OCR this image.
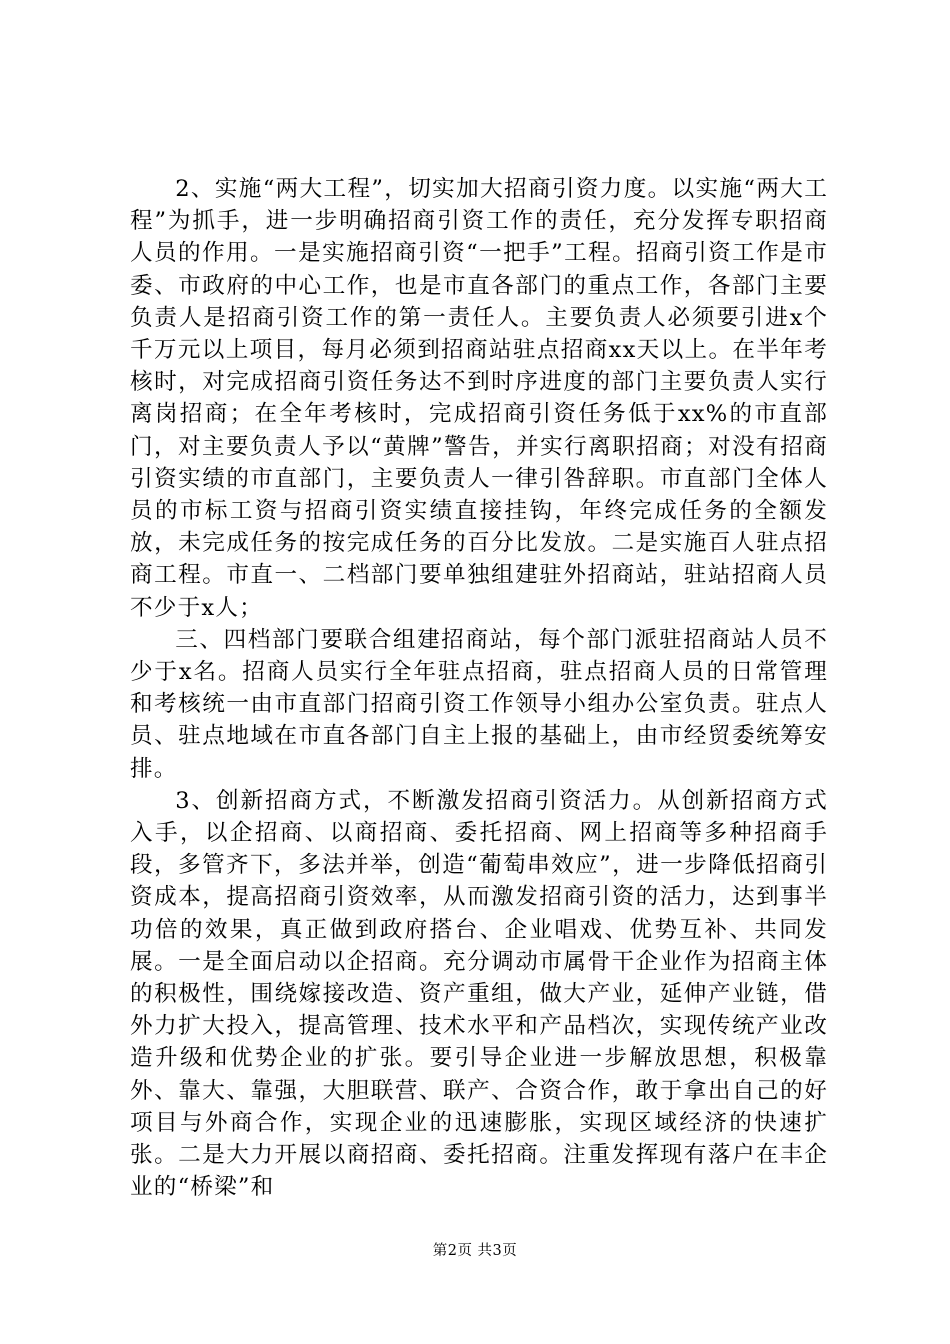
2、实施“两大工程”，切实加大招商引资力度。以实施“两大工程”为抓手，进一步明确招商引资工作的责任，充分发挥专职招商人员的作用。一是实施招商引资“一把手”工程。招商引资工作是市委、市政府的中心工作，也是市直各部门的重点工作，各部门主要负责人是招商引资工作的第一责任人。主要负责人必须要引进x个千万元以上项目，每月必须到招商站驻点招商xx天以上。在半年考核时，对完成招商引资任务达不到时序进度的部门主要负责人实行离岗招商；在全年考核时，完成招商引资任务低于xx%的市直部门，对主要负责人予以“黄牌”警告，并实行离职招商；对没有招商引资实绩的市直部门，主要负责人一律引咎辞职。市直部门全体人员的市标工资与招商引资实绩直接挂钩，年终完成任务的全额发放，未完成任务的按完成任务的百分比发放。二是实施百人驻点招商工程。市直一、二档部门要单独组建驻外招商站，驻站招商人员不少于x人；

三、四档部门要联合组建招商站，每个部门派驻招商站人员不少于x名。招商人员实行全年驻点招商，驻点招商人员的日常管理和考核统一由市直部门招商引资工作领导小组办公室负责。驻点人员、驻点地域在市直各部门自主上报的基础上，由市经贸委统筹安排。

3、创新招商方式，不断激发招商引资活力。从创新招商方式入手，以企招商、以商招商、委托招商、网上招商等多种招商手段，多管齐下，多法并举，创造“葡萄串效应”，进一步降低招商引资成本，提高招商引资效率，从而激发招商引资的活力，达到事半功倍的效果，真正做到政府搭台、企业唱戏、优势互补、共同发展。一是全面启动以企招商。充分调动市属骨干企业作为招商主体的积极性，围绕嫁接改造、资产重组，做大产业，延伸产业链，借外力扩大投入，提高管理、技术水平和产品档次，实现传统产业改造升级和优势企业的扩张。要引导企业进一步解放思想，积极靠外、靠大、靠强，大胆联营、联产、合资合作，敢于拿出自己的好项目与外商合作，实现企业的迅速膨胀，实现区域经济的快速扩张。二是大力开展以商招商、委托招商。注重发挥现有落户在丰企业的“桥梁”和

第2页 共3页
